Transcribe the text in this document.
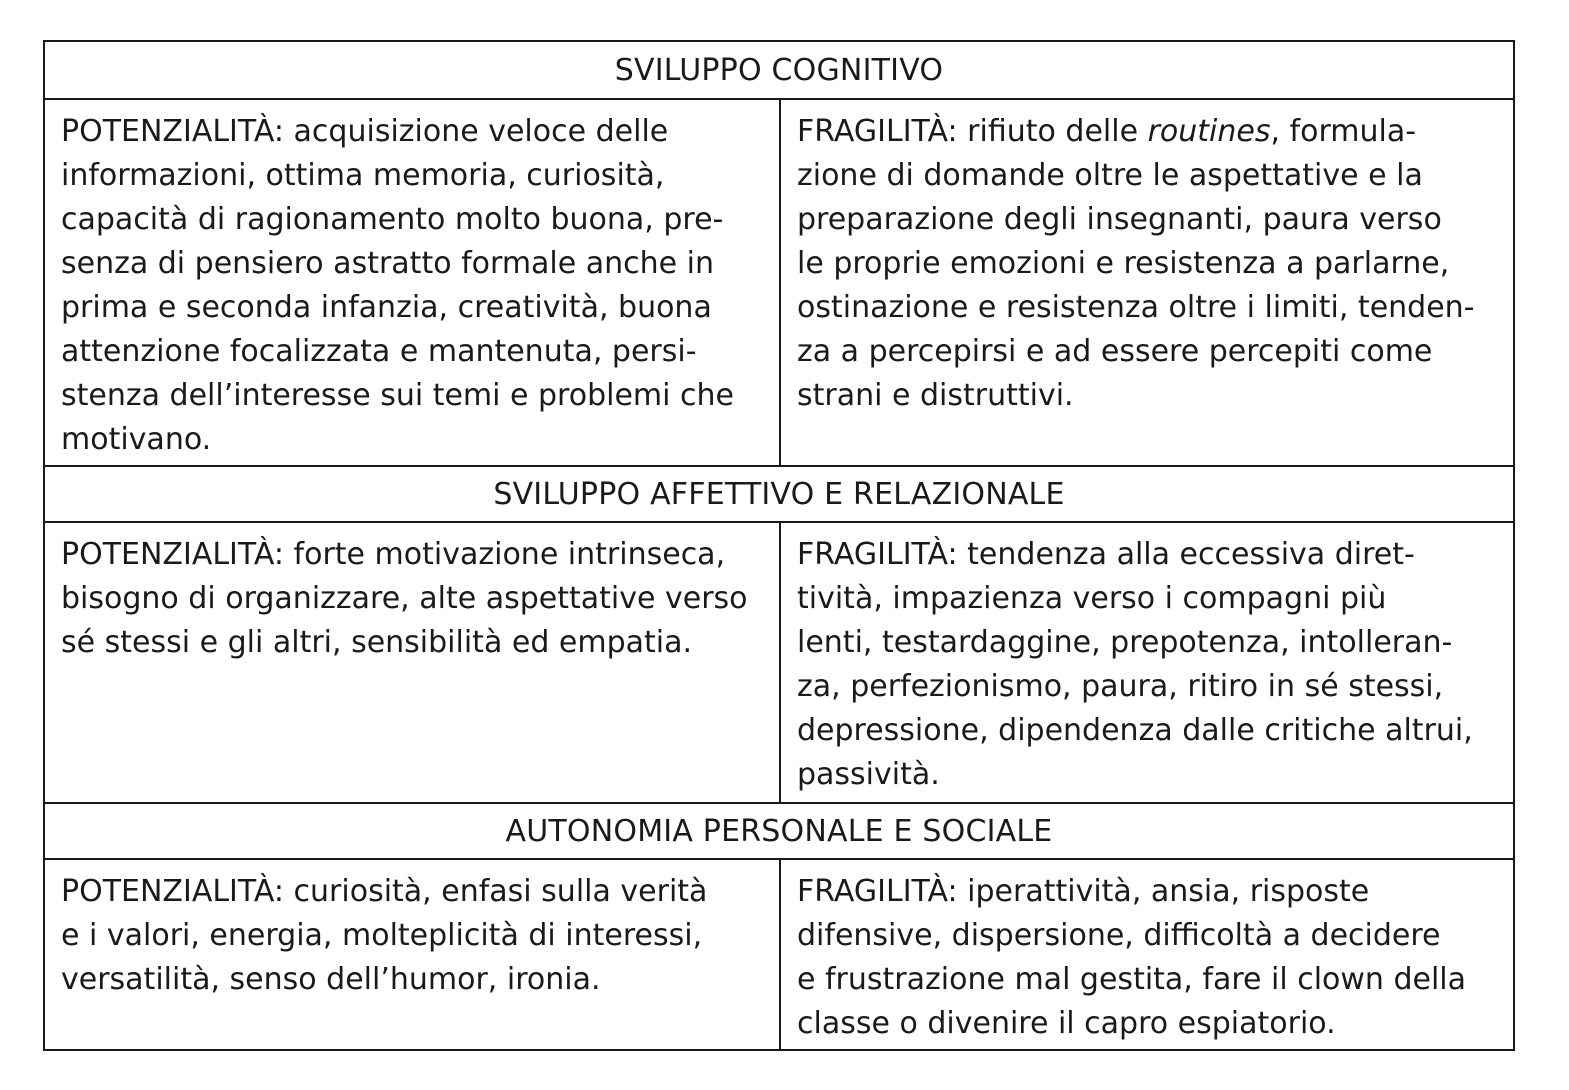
SVILUPPO COGNITIVO
POTENZIALITÀ: acquisizione veloce delle
informazioni, ottima memoria, curiosità,
capacità di ragionamento molto buona, pre-
senza di pensiero astratto formale anche in
prima e seconda infanzia, creatività, buona
attenzione focalizzata e mantenuta, persi-
stenza dell’interesse sui temi e problemi che
motivano.
FRAGILITÀ: rifiuto delle routines, formula-
zione di domande oltre le aspettative e la
preparazione degli insegnanti, paura verso
le proprie emozioni e resistenza a parlarne,
ostinazione e resistenza oltre i limiti, tenden-
za a percepirsi e ad essere percepiti come
strani e distruttivi.
SVILUPPO AFFETTIVO E RELAZIONALE
POTENZIALITÀ: forte motivazione intrinseca,
bisogno di organizzare, alte aspettative verso
sé stessi e gli altri, sensibilità ed empatia.
FRAGILITÀ: tendenza alla eccessiva diret-
tività, impazienza verso i compagni più
lenti, testardaggine, prepotenza, intolleran-
za, perfezionismo, paura, ritiro in sé stessi,
depressione, dipendenza dalle critiche altrui,
passività.
AUTONOMIA PERSONALE E SOCIALE
POTENZIALITÀ: curiosità, enfasi sulla verità
e i valori, energia, molteplicità di interessi,
versatilità, senso dell’humor, ironia.
FRAGILITÀ: iperattività, ansia, risposte
difensive, dispersione, difficoltà a decidere
e frustrazione mal gestita, fare il clown della
classe o divenire il capro espiatorio.
